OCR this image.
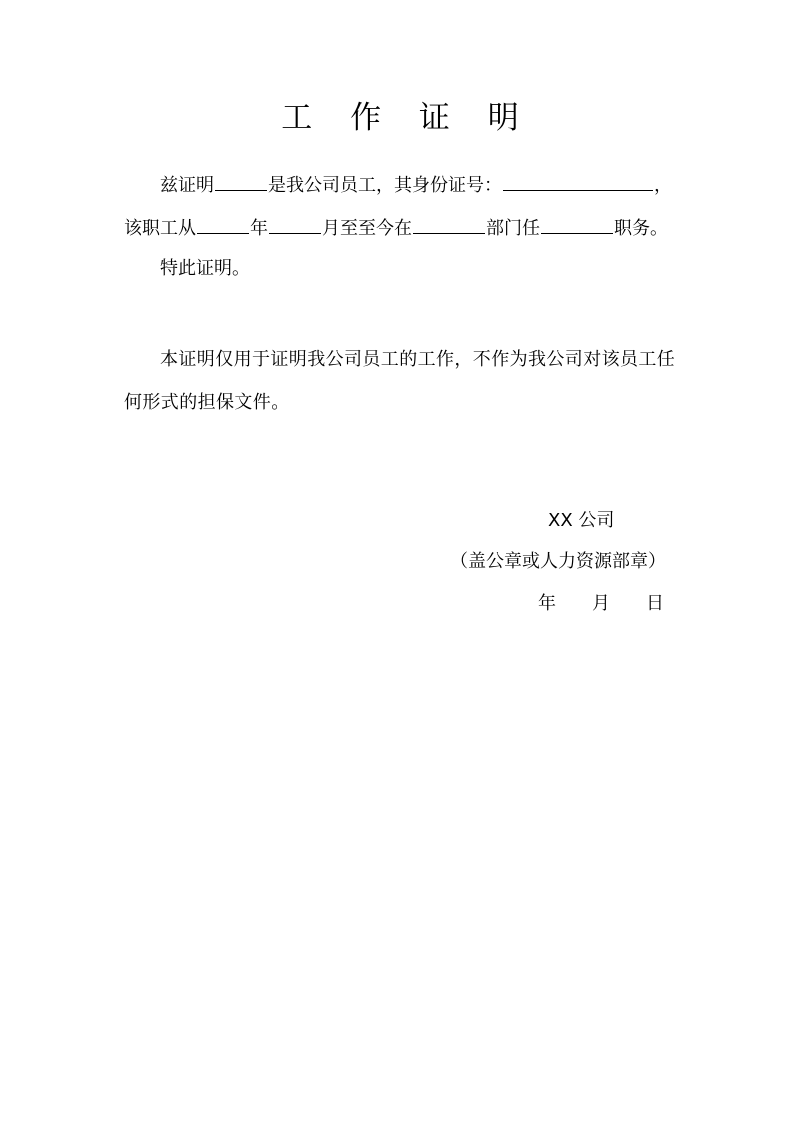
工 作 证 明
兹证明	是我公司员工，其身份证号：	，
该职工从	年	月至至今在	部门任	职务。
特此证明。
本证明仅用于证明我公司员工的工作，不作为我公司对该员工任何形式的担保文件。
XX 公司
（盖公章或人力资源部章）
年 月 日
